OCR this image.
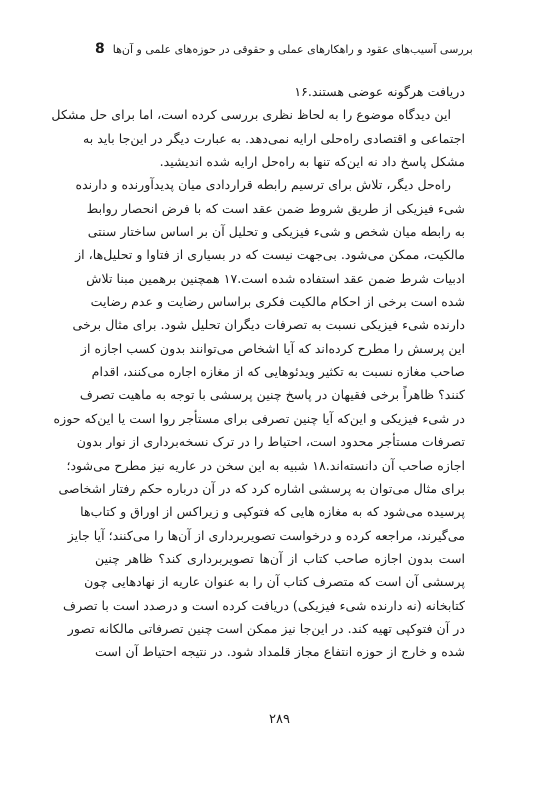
8 بررسی آسیب‌های عقود و راهکارهای عملی و حقوقی در حوزه‌های علمی و آن‌ها

دریافت هرگونه عوضی هستند.۱۶

این دیدگاه موضوع را به لحاظ نظری بررسی کرده است، اما برای حل مشکل
اجتماعی و اقتصادی راه‌حلی ارایه نمی‌دهد. به عبارت دیگر در این‌جا باید به
مشکل پاسخ داد نه این‌که تنها به راه‌حل ارایه شده اندیشید.

راه‌حل دیگر، تلاش برای ترسیم رابطه قراردادی میان پدیدآورنده و دارنده
شیء فیزیکی از طریق شروط ضمن عقد است که با فرض انحصار روابط
به رابطه میان شخص و شیء فیزیکی و تحلیل آن بر اساس ساختار سنتی
مالکیت، ممکن می‌شود. بی‌جهت نیست که در بسیاری از فتاوا و تحلیل‌ها، از
ادبیات شرط ضمن عقد استفاده شده است.۱۷ همچنین برهمین مبنا تلاش
شده است برخی از احکام مالکیت فکری براساس رضایت و عدم رضایت
دارنده شیء فیزیکی نسبت به تصرفات دیگران تحلیل شود. برای مثال برخی
این پرسش را مطرح کرده‌اند که آیا اشخاص می‌توانند بدون کسب اجازه از
صاحب مغازه نسبت به تکثیر ویدئوهایی که از مغازه اجاره می‌کنند، اقدام
کنند؟ ظاهراً برخی فقیهان در پاسخ چنین پرسشی با توجه به ماهیت تصرف
در شیء فیزیکی و این‌که آیا چنین تصرفی برای مستأجر روا است یا این‌که حوزه
تصرفات مستأجر محدود است، احتیاط را در ترک نسخه‌برداری از نوار بدون
اجازه صاحب آن دانسته‌اند.۱۸ شبیه به این سخن در عاریه نیز مطرح می‌شود؛

برای مثال می‌توان به پرسشی اشاره کرد که در آن درباره حکم رفتار اشخاصی
پرسیده می‌شود که به مغازه هایی که فتوکپی و زیراکس از اوراق و کتاب‌ها
می‌گیرند، مراجعه کرده و درخواست تصویربرداری از آن‌ها را می‌کنند؛ آیا جایز
است بدون اجازه صاحب کتاب از آن‌ها تصویربرداری کند؟ ظاهر چنین
پرسشی آن است که متصرف کتاب آن را به عنوان عاریه از نهادهایی چون
کتابخانه (نه دارنده شیء فیزیکی) دریافت کرده است و درصدد است با تصرف
در آن فتوکپی تهیه کند. در این‌جا نیز ممکن است چنین تصرفاتی مالکانه تصور
شده و خارج از حوزه انتفاع مجاز قلمداد شود. در نتیجه احتیاط آن است

۲۸۹
